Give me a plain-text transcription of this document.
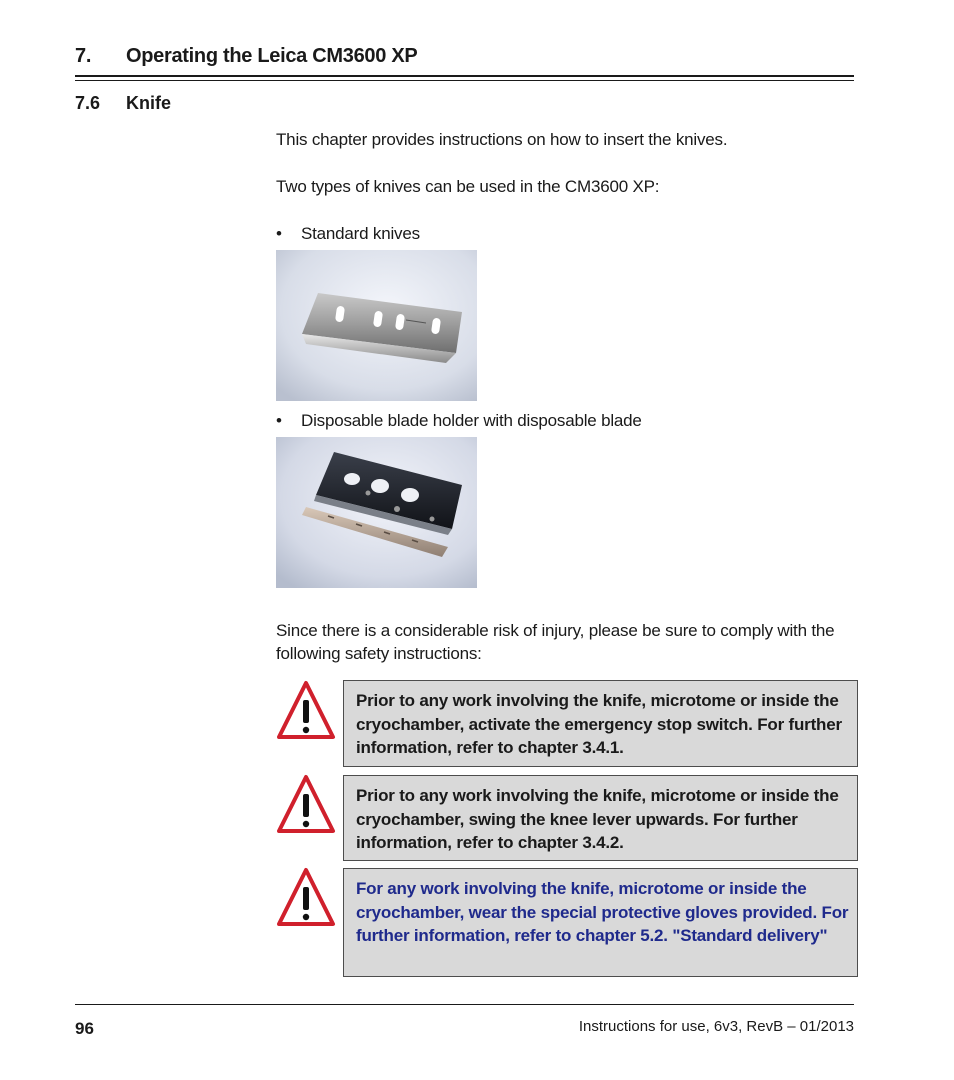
7. Operating the Leica CM3600 XP
7.6 Knife
This chapter provides instructions on how to insert the knives.
Two types of knives can be used in the CM3600 XP:
• Standard knives
• Disposable blade holder with disposable blade
Since there is a considerable risk of injury, please be sure to comply with the following safety instructions:
Prior to any work involving the knife, microtome or inside the cryochamber, activate the emergency stop switch. For further information, refer to chapter 3.4.1.
Prior to any work involving the knife, microtome or inside the cryochamber, swing the knee lever upwards. For further information, refer to chapter 3.4.2.
For any work involving the knife, microtome or inside the cryochamber, wear the special protective gloves provided. For further information, refer to chapter 5.2. "Standard delivery"
96	Instructions for use, 6v3, RevB – 01/2013
